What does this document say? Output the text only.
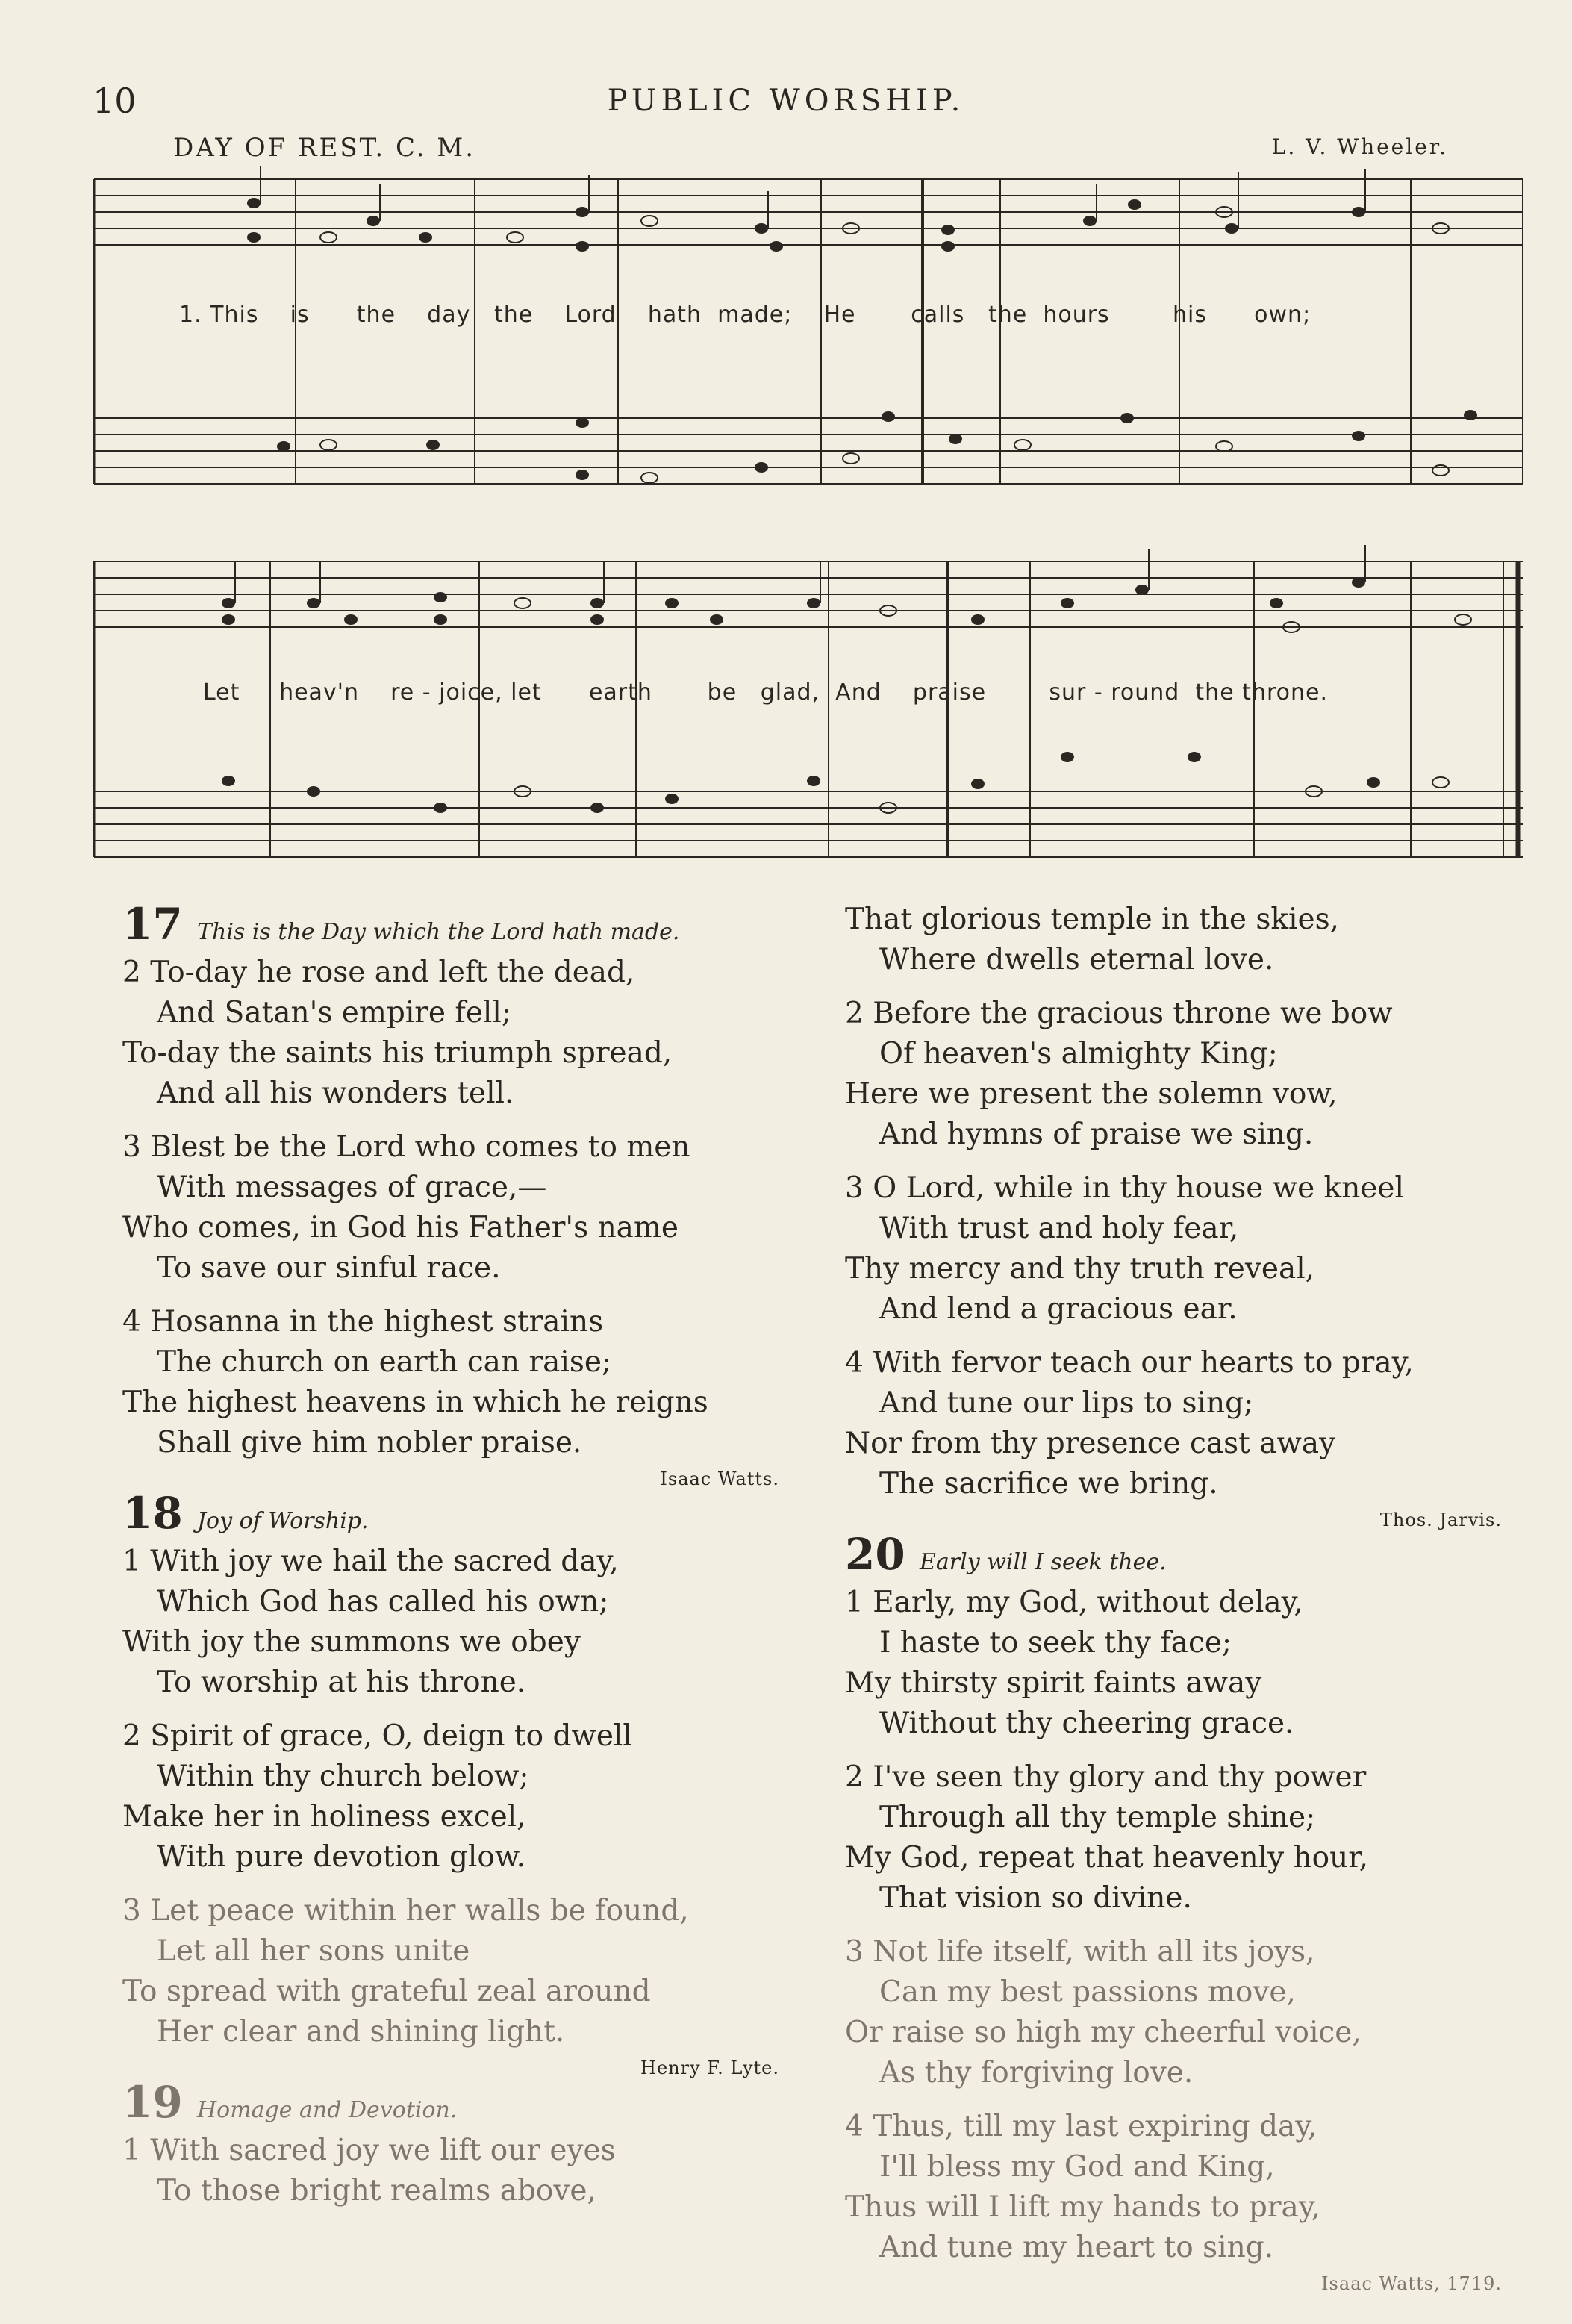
10	PUBLIC WORSHIP.
DAY OF REST. C. M.	L. V. Wheeler.
1. This    is      the    day   the    Lord    hath  made;    He       calls   the  hours        his      own;
Let     heav'n    re - joice, let      earth       be   glad,  And    praise        sur - round  the throne.
17 This is the Day which the Lord hath made.
2 To-day he rose and left the dead,
And Satan's empire fell;
To-day the saints his triumph spread,
And all his wonders tell.
3 Blest be the Lord who comes to men
With messages of grace,—
Who comes, in God his Father's name
To save our sinful race.
4 Hosanna in the highest strains
The church on earth can raise;
The highest heavens in which he reigns
Shall give him nobler praise.
Isaac Watts.
18 Joy of Worship.
1 With joy we hail the sacred day,
Which God has called his own;
With joy the summons we obey
To worship at his throne.
2 Spirit of grace, O, deign to dwell
Within thy church below;
Make her in holiness excel,
With pure devotion glow.
3 Let peace within her walls be found,
Let all her sons unite
To spread with grateful zeal around
Her clear and shining light.
Henry F. Lyte.
19 Homage and Devotion.
1 With sacred joy we lift our eyes
To those bright realms above,
That glorious temple in the skies,
Where dwells eternal love.
2 Before the gracious throne we bow
Of heaven's almighty King;
Here we present the solemn vow,
And hymns of praise we sing.
3 O Lord, while in thy house we kneel
With trust and holy fear,
Thy mercy and thy truth reveal,
And lend a gracious ear.
4 With fervor teach our hearts to pray,
And tune our lips to sing;
Nor from thy presence cast away
The sacrifice we bring.
Thos. Jarvis.
20 Early will I seek thee.
1 Early, my God, without delay,
I haste to seek thy face;
My thirsty spirit faints away
Without thy cheering grace.
2 I've seen thy glory and thy power
Through all thy temple shine;
My God, repeat that heavenly hour,
That vision so divine.
3 Not life itself, with all its joys,
Can my best passions move,
Or raise so high my cheerful voice,
As thy forgiving love.
4 Thus, till my last expiring day,
I'll bless my God and King,
Thus will I lift my hands to pray,
And tune my heart to sing.
Isaac Watts, 1719.
